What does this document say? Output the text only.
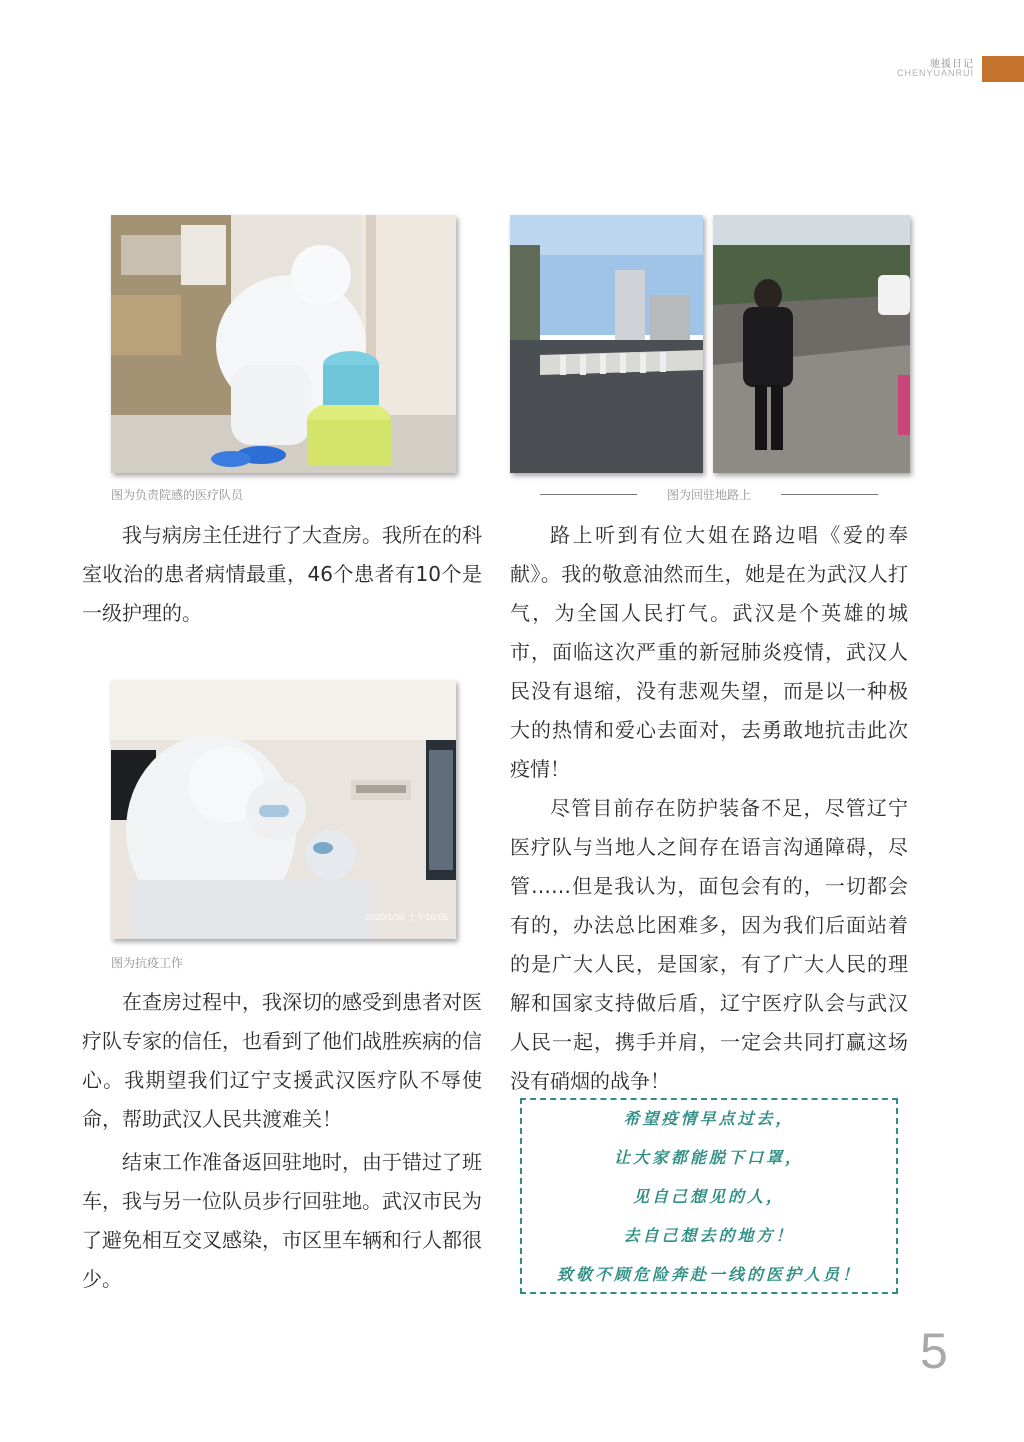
驰援日记
CHENYUANRUI
图为负责院感的医疗队员	图为回驻地路上
2020/1/30 上午10:05
图为抗疫工作

我与病房主任进行了大查房。我所在的科室收治的患者病情最重，46个患者有10个是一级护理的。

在查房过程中，我深切的感受到患者对医疗队专家的信任，也看到了他们战胜疾病的信心。我期望我们辽宁支援武汉医疗队不辱使命，帮助武汉人民共渡难关！

结束工作准备返回驻地时，由于错过了班车，我与另一位队员步行回驻地。武汉市民为了避免相互交叉感染，市区里车辆和行人都很少。

路上听到有位大姐在路边唱《爱的奉献》。我的敬意油然而生，她是在为武汉人打气，为全国人民打气。武汉是个英雄的城市，面临这次严重的新冠肺炎疫情，武汉人民没有退缩，没有悲观失望，而是以一种极大的热情和爱心去面对，去勇敢地抗击此次疫情！

尽管目前存在防护装备不足，尽管辽宁医疗队与当地人之间存在语言沟通障碍，尽管……但是我认为，面包会有的，一切都会有的，办法总比困难多，因为我们后面站着的是广大人民，是国家，有了广大人民的理解和国家支持做后盾，辽宁医疗队会与武汉人民一起，携手并肩，一定会共同打赢这场没有硝烟的战争！

希望疫情早点过去，
让大家都能脱下口罩，
见自己想见的人，
去自己想去的地方！
致敬不顾危险奔赴一线的医护人员！
5
